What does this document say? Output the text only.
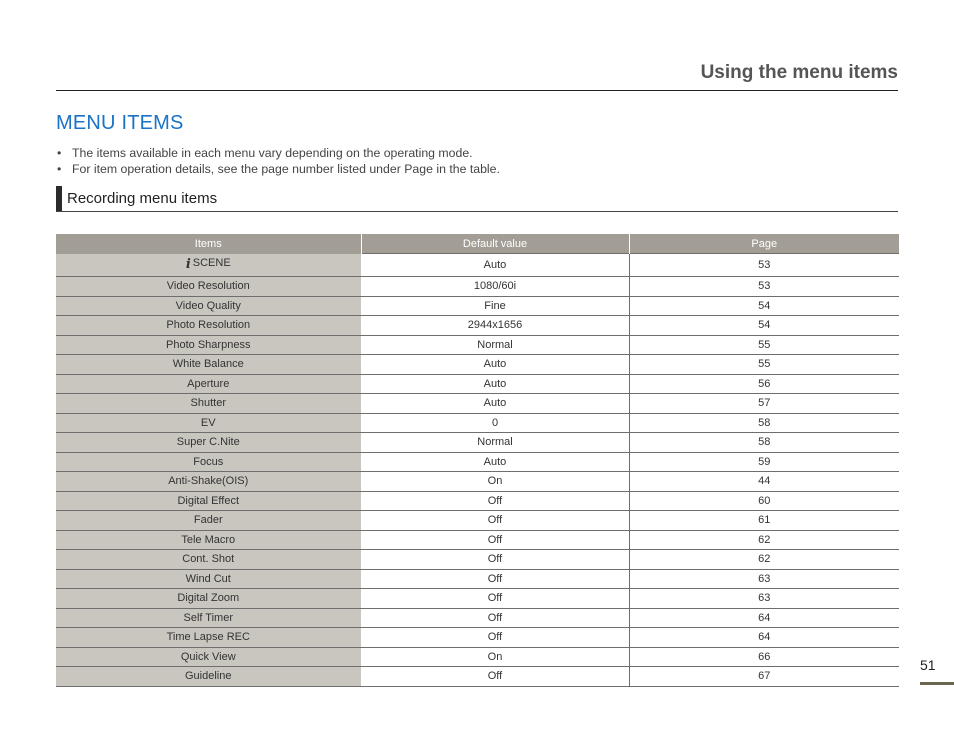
Using the menu items
MENU ITEMS
• The items available in each menu vary depending on the operating mode.
• For item operation details, see the page number listed under Page in the table.
Recording menu items
Items	Default value	Page
i SCENE	Auto	53
Video Resolution	1080/60i	53
Video Quality	Fine	54
Photo Resolution	2944x1656	54
Photo Sharpness	Normal	55
White Balance	Auto	55
Aperture	Auto	56
Shutter	Auto	57
EV	0	58
Super C.Nite	Normal	58
Focus	Auto	59
Anti-Shake(OIS)	On	44
Digital Effect	Off	60
Fader	Off	61
Tele Macro	Off	62
Cont. Shot	Off	62
Wind Cut	Off	63
Digital Zoom	Off	63
Self Timer	Off	64
Time Lapse REC	Off	64
Quick View	On	66
Guideline	Off	67
51
